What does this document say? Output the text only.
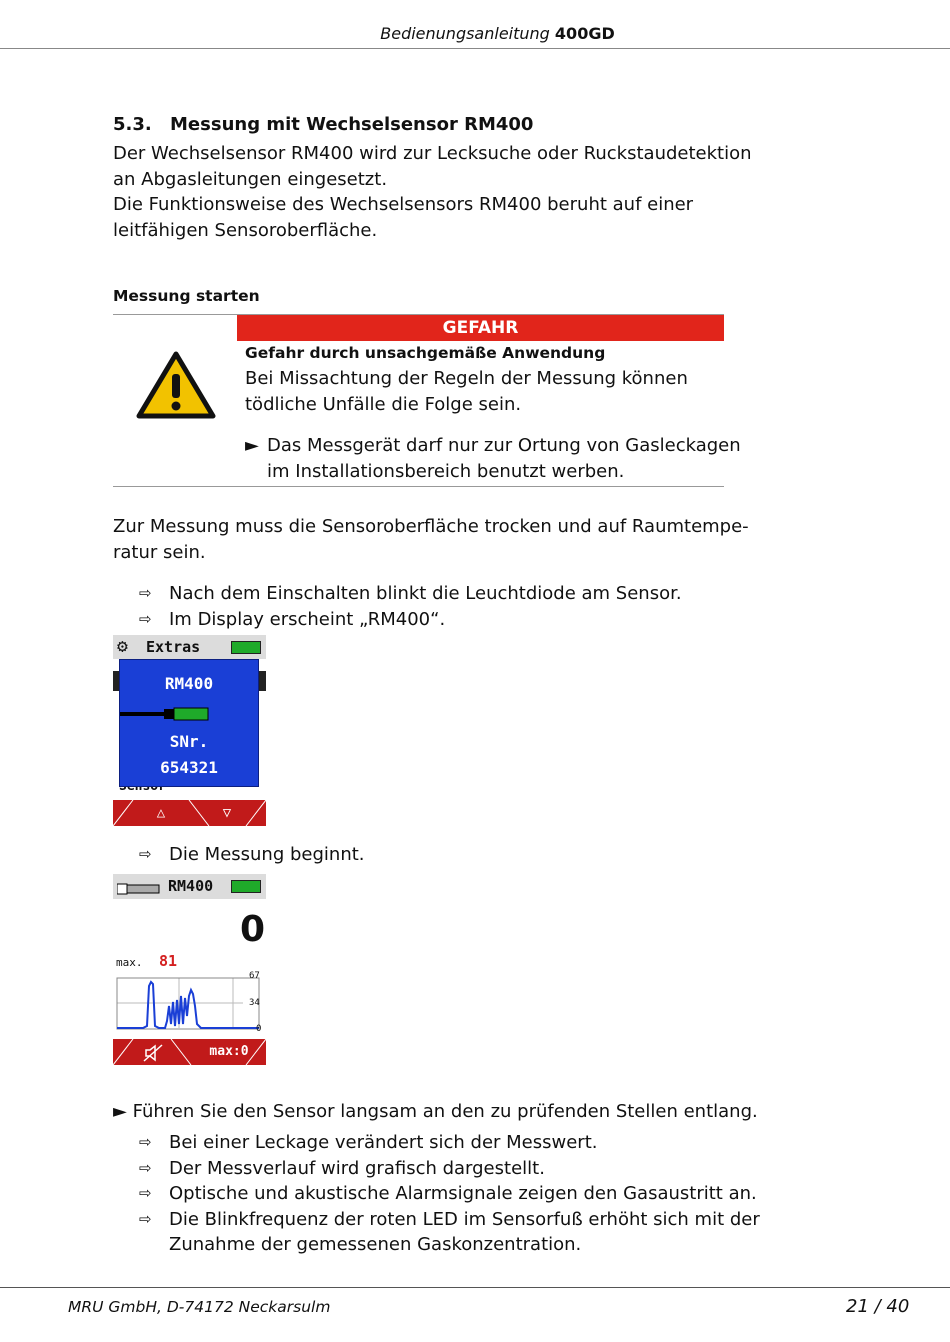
Bedienungsanleitung 400GD
5.3. Messung mit Wechselsensor RM400
Der Wechselsensor RM400 wird zur Lecksuche oder Ruckstaudetektion
an Abgasleitungen eingesetzt.
Die Funktionsweise des Wechselsensors RM400 beruht auf einer
leitfähigen Sensoroberfläche.
Messung starten
GEFAHR
Gefahr durch unsachgemäße Anwendung
Bei Missachtung der Regeln der Messung können
tödliche Unfälle die Folge sein.
► Das Messgerät darf nur zur Ortung von Gasleckagen
im Installationsbereich benutzt werben.
Zur Messung muss die Sensoroberfläche trocken und auf Raumtempe-
ratur sein.
⇨ Nach dem Einschalten blinkt die Leuchtdiode am Sensor.
⇨ Im Display erscheint „RM400“.
⚙ Extras
RM400
SNr.
654321
△	▽
⇨ Die Messung beginnt.
RM400
0
max. 81
67
34
0
max:0
► Führen Sie den Sensor langsam an den zu prüfenden Stellen entlang.
⇨ Bei einer Leckage verändert sich der Messwert.
⇨ Der Messverlauf wird grafisch dargestellt.
⇨ Optische und akustische Alarmsignale zeigen den Gasaustritt an.
⇨ Die Blinkfrequenz der roten LED im Sensorfuß erhöht sich mit der
Zunahme der gemessenen Gaskonzentration.
MRU GmbH, D-74172 Neckarsulm	21 / 40
